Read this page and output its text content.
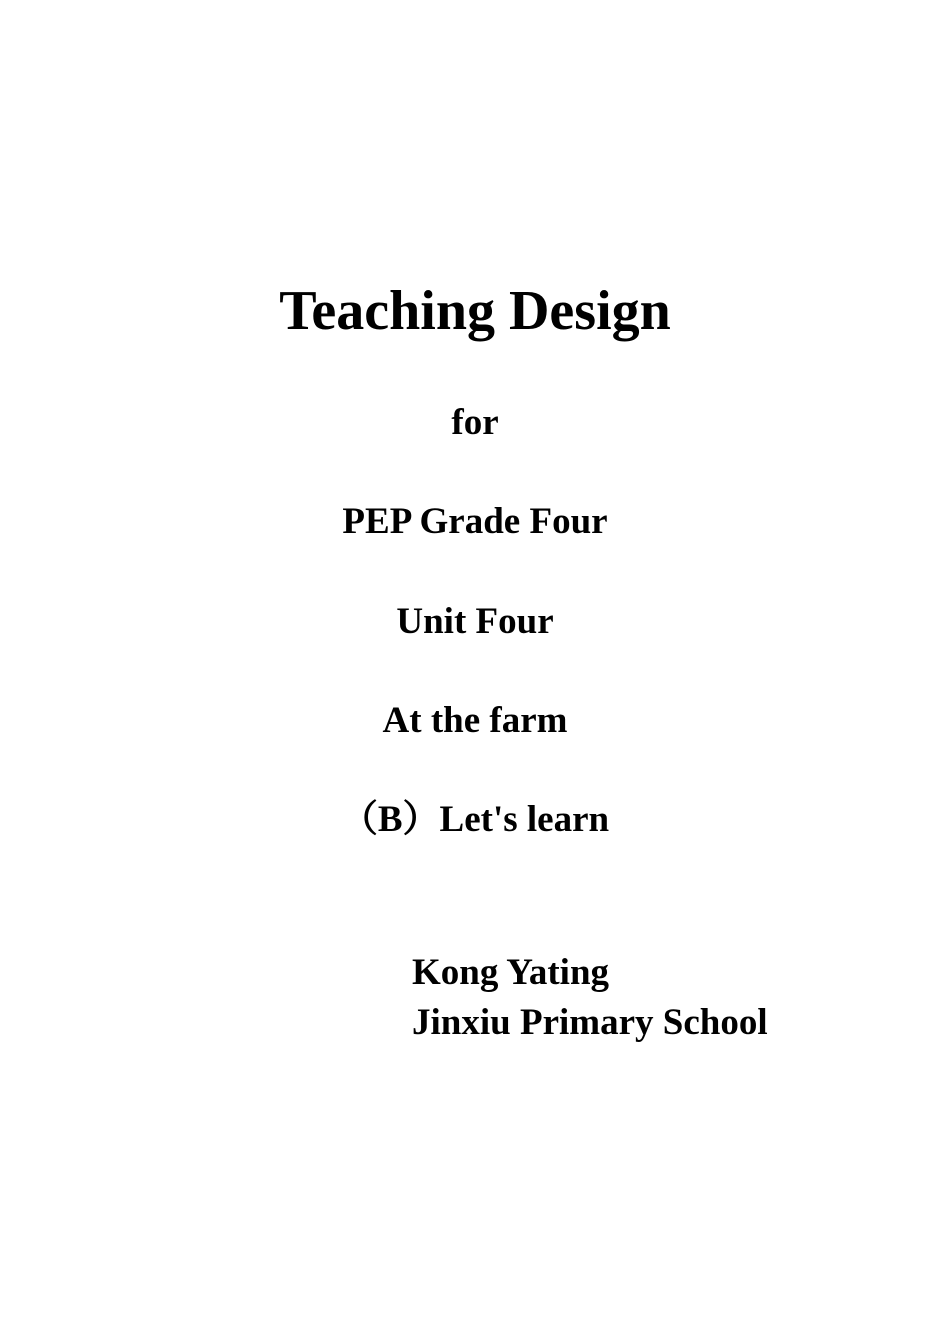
Teaching Design
for
PEP Grade Four
Unit Four
At the farm
（B）Let's learn
Kong Yating
Jinxiu Primary School
